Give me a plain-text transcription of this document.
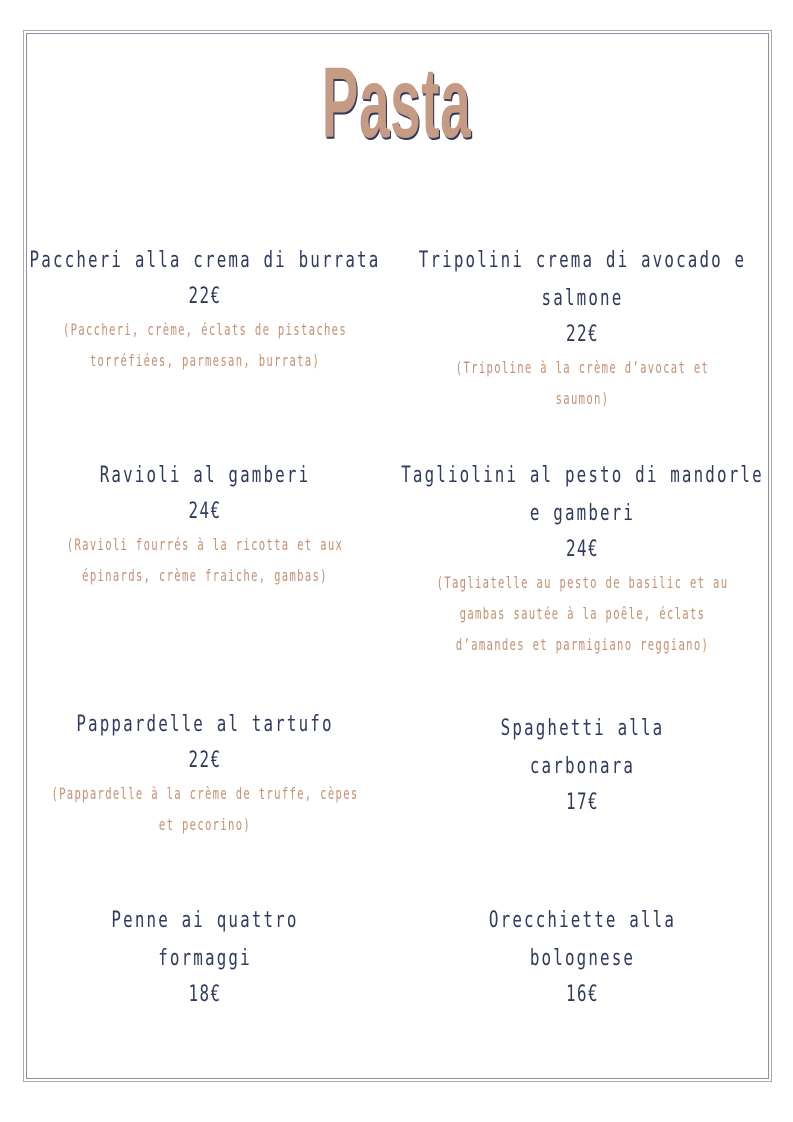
Pasta
Paccheri alla crema di burrata
22€
(Paccheri, crème, éclats de pistaches
torréfiées, parmesan, burrata)
Tripolini crema di avocado e
salmone
22€
(Tripoline à la crème d’avocat et
saumon)
Ravioli al gamberi
24€
(Ravioli fourrés à la ricotta et aux
épinards, crème fraiche, gambas)
Tagliolini al pesto di mandorle
e gamberi
24€
(Tagliatelle au pesto de basilic et au
gambas sautée à la poêle, éclats
d’amandes et parmigiano reggiano)
Pappardelle al tartufo
22€
(Pappardelle à la crème de truffe, cèpes
et pecorino)
Spaghetti alla carbonara
17€
Penne ai quattro formaggi
18€
Orecchiette alla bolognese
16€
